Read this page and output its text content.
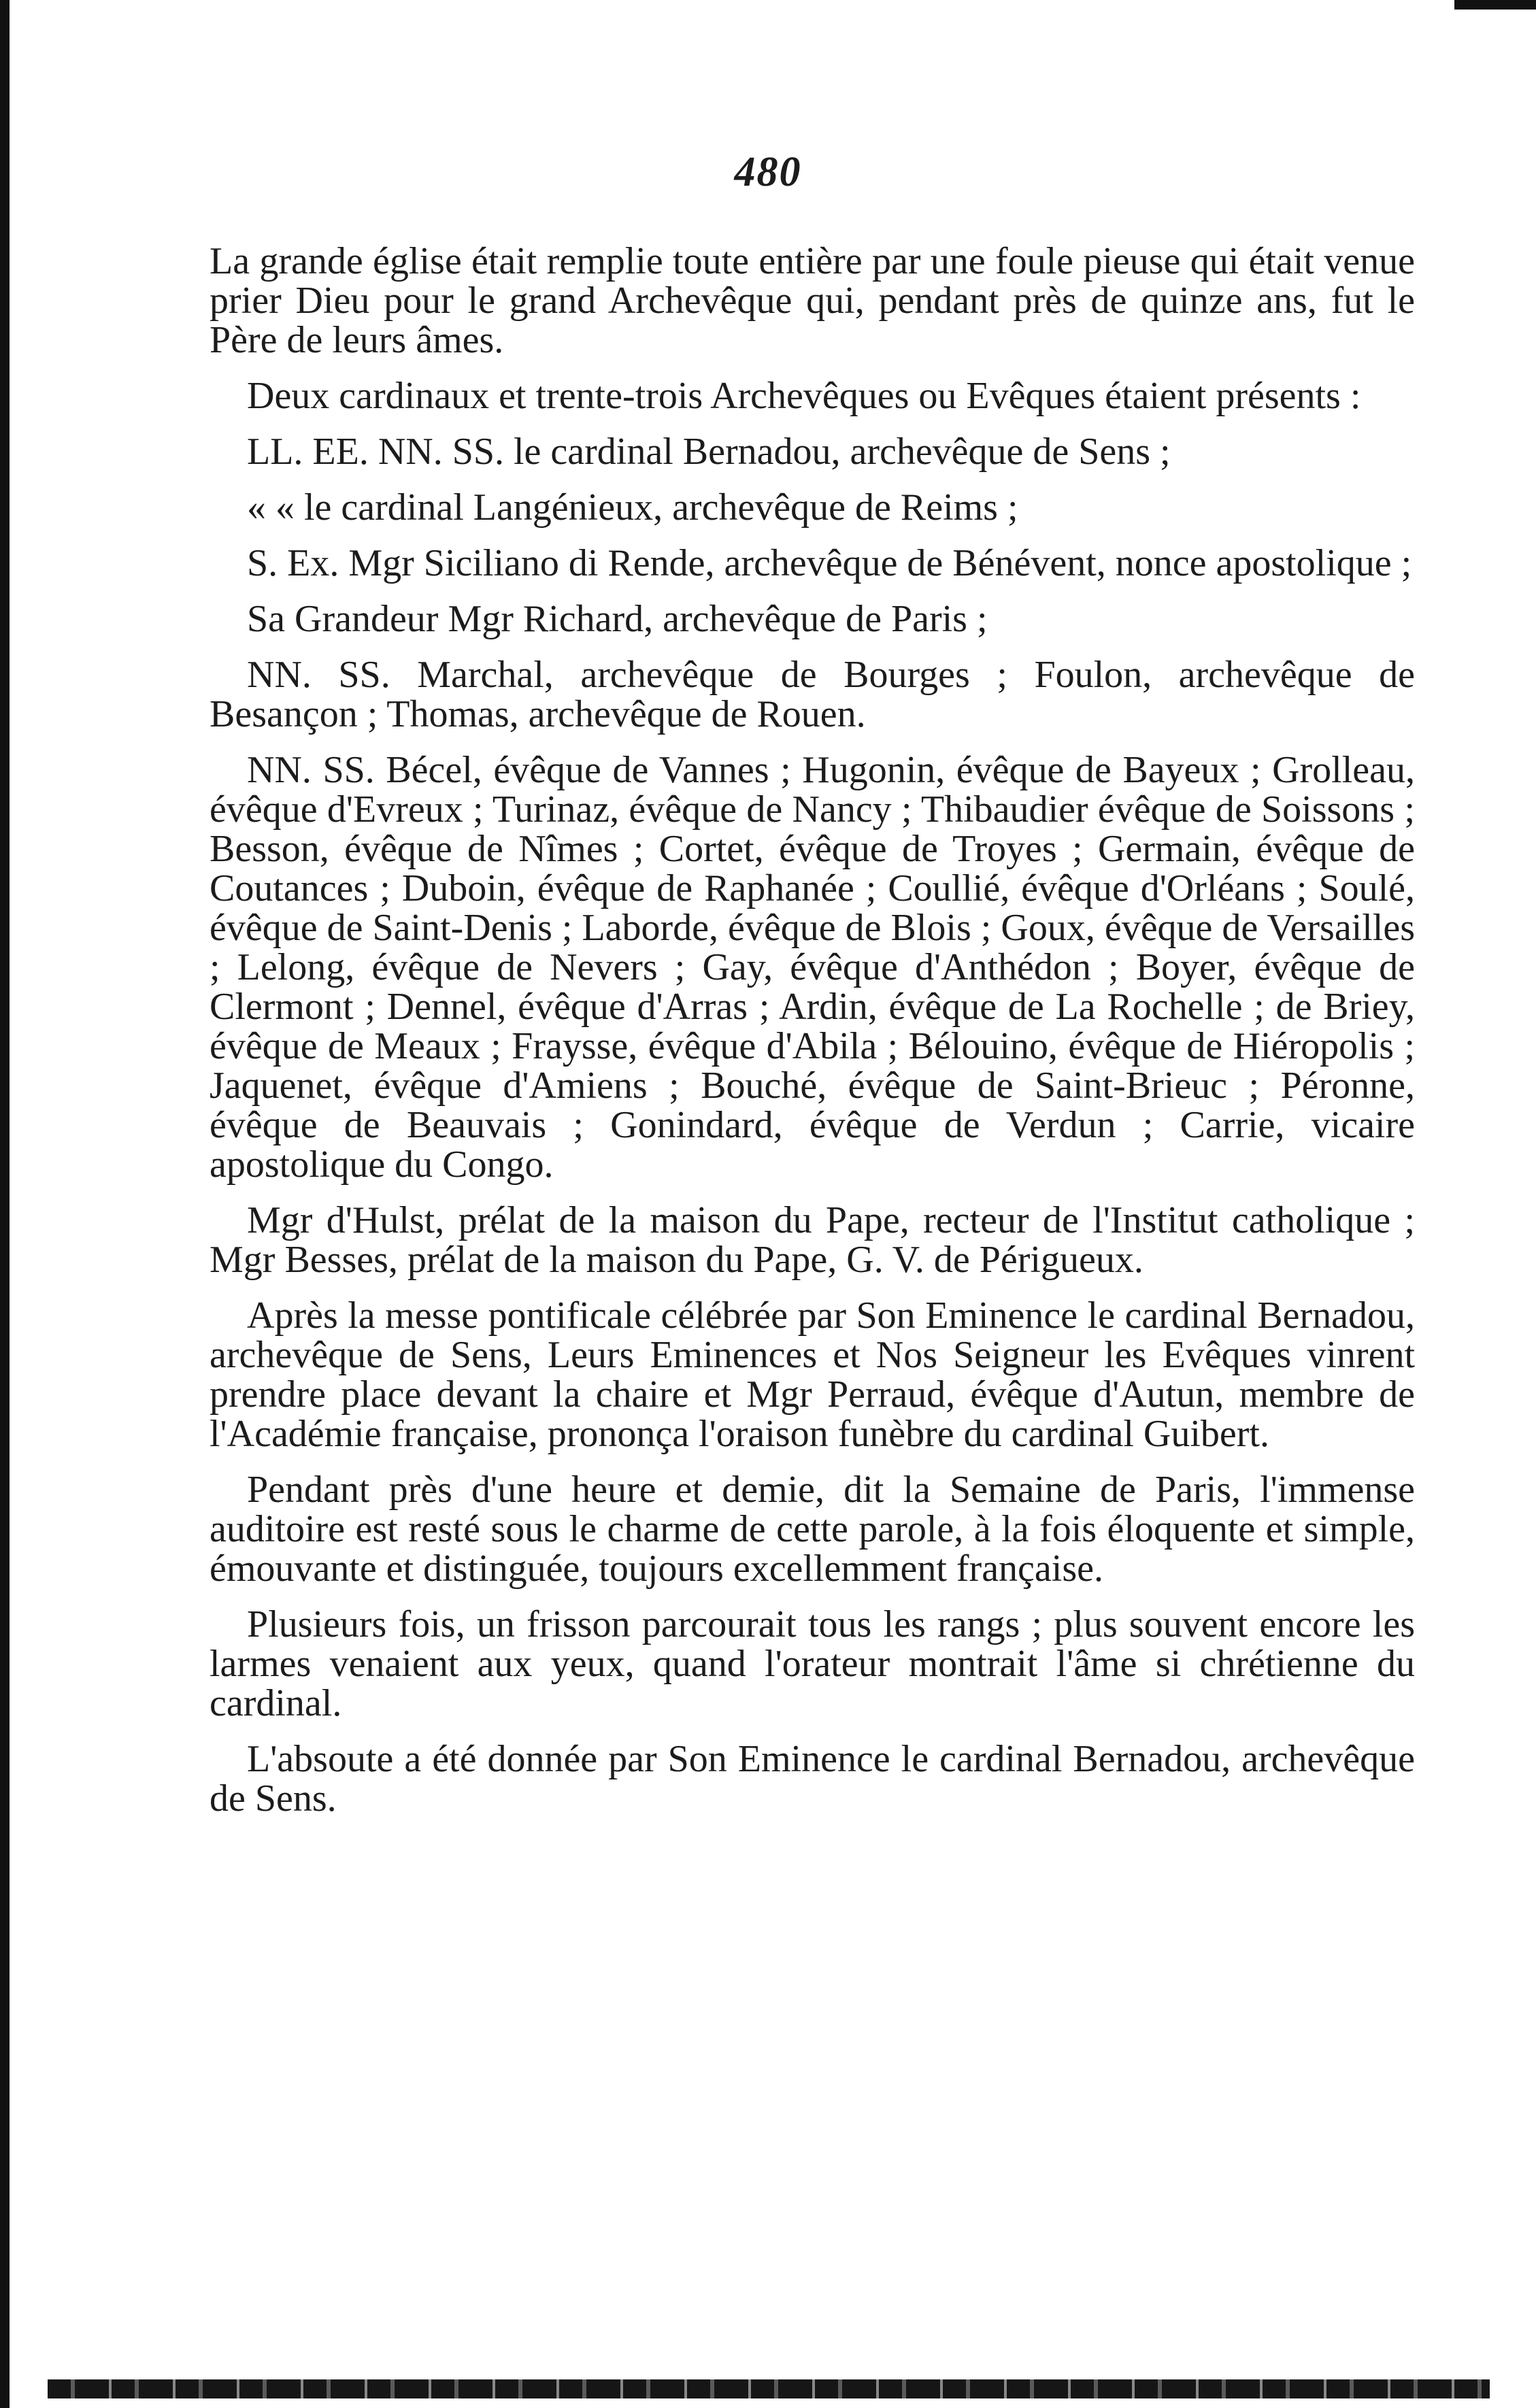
480

La grande église était remplie toute entière par une foule pieuse qui était venue prier Dieu pour le grand Archevêque qui, pendant près de quinze ans, fut le Père de leurs âmes.

Deux cardinaux et trente-trois Archevêques ou Evêques étaient présents :

LL. EE. NN. SS. le cardinal Bernadou, archevêque de Sens ;

« « le cardinal Langénieux, archevêque de Reims ;

S. Ex. Mgr Siciliano di Rende, archevêque de Bénévent, nonce apostolique ;

Sa Grandeur Mgr Richard, archevêque de Paris ;

NN. SS. Marchal, archevêque de Bourges ; Foulon, archevêque de Besançon ; Thomas, archevêque de Rouen.

NN. SS. Bécel, évêque de Vannes ; Hugonin, évêque de Bayeux ; Grolleau, évêque d'Evreux ; Turinaz, évêque de Nancy ; Thibaudier évêque de Soissons ; Besson, évêque de Nîmes ; Cortet, évêque de Troyes ; Germain, évêque de Coutances ; Duboin, évêque de Raphanée ; Coullié, évêque d'Orléans ; Soulé, évêque de Saint-Denis ; Laborde, évêque de Blois ; Goux, évêque de Versailles ; Lelong, évêque de Nevers ; Gay, évêque d'Anthédon ; Boyer, évêque de Clermont ; Dennel, évêque d'Arras ; Ardin, évêque de La Rochelle ; de Briey, évêque de Meaux ; Fraysse, évêque d'Abila ; Bélouino, évêque de Hiéropolis ; Jaquenet, évêque d'Amiens ; Bouché, évêque de Saint-Brieuc ; Péronne, évêque de Beauvais ; Gonindard, évêque de Verdun ; Carrie, vicaire apostolique du Congo.

Mgr d'Hulst, prélat de la maison du Pape, recteur de l'Institut catholique ; Mgr Besses, prélat de la maison du Pape, G. V. de Périgueux.

Après la messe pontificale célébrée par Son Eminence le cardinal Bernadou, archevêque de Sens, Leurs Eminences et Nos Seigneur les Evêques vinrent prendre place devant la chaire et Mgr Perraud, évêque d'Autun, membre de l'Académie française, prononça l'oraison funèbre du cardinal Guibert.

Pendant près d'une heure et demie, dit la Semaine de Paris, l'immense auditoire est resté sous le charme de cette parole, à la fois éloquente et simple, émouvante et distinguée, toujours excellemment française.

Plusieurs fois, un frisson parcourait tous les rangs ; plus souvent encore les larmes venaient aux yeux, quand l'orateur montrait l'âme si chrétienne du cardinal.

L'absoute a été donnée par Son Eminence le cardinal Bernadou, archevêque de Sens.
